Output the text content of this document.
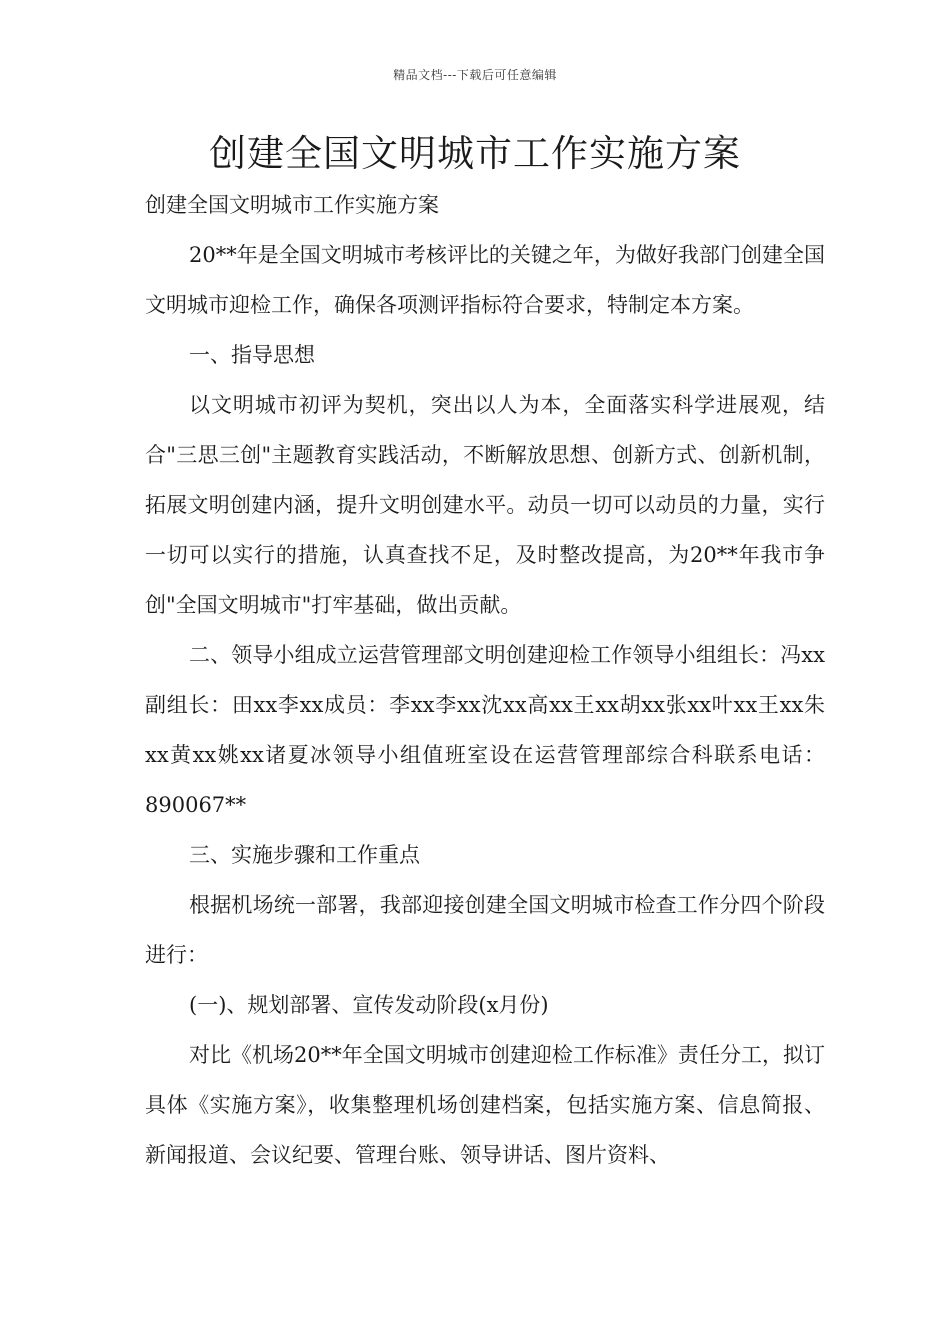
精品文档---下载后可任意编辑
创建全国文明城市工作实施方案

创建全国文明城市工作实施方案

20**年是全国文明城市考核评比的关键之年，为做好我部门创建全国文明城市迎检工作，确保各项测评指标符合要求，特制定本方案。

一、指导思想

以文明城市初评为契机，突出以人为本，全面落实科学进展观，结合"三思三创"主题教育实践活动，不断解放思想、创新方式、创新机制，拓展文明创建内涵，提升文明创建水平。动员一切可以动员的力量，实行一切可以实行的措施，认真查找不足，及时整改提高，为20**年我市争创"全国文明城市"打牢基础，做出贡献。

二、领导小组成立运营管理部文明创建迎检工作领导小组组长：冯xx副组长：田xx李xx成员：李xx李xx沈xx高xx王xx胡xx张xx叶xx王xx朱xx黄xx姚xx诸夏冰领导小组值班室设在运营管理部综合科联系电话：890067**

三、实施步骤和工作重点

根据机场统一部署，我部迎接创建全国文明城市检查工作分四个阶段进行：

(一)、规划部署、宣传发动阶段(x月份)

对比《机场20**年全国文明城市创建迎检工作标准》责任分工，拟订具体《实施方案》，收集整理机场创建档案，包括实施方案、信息简报、新闻报道、会议纪要、管理台账、领导讲话、图片资料、
